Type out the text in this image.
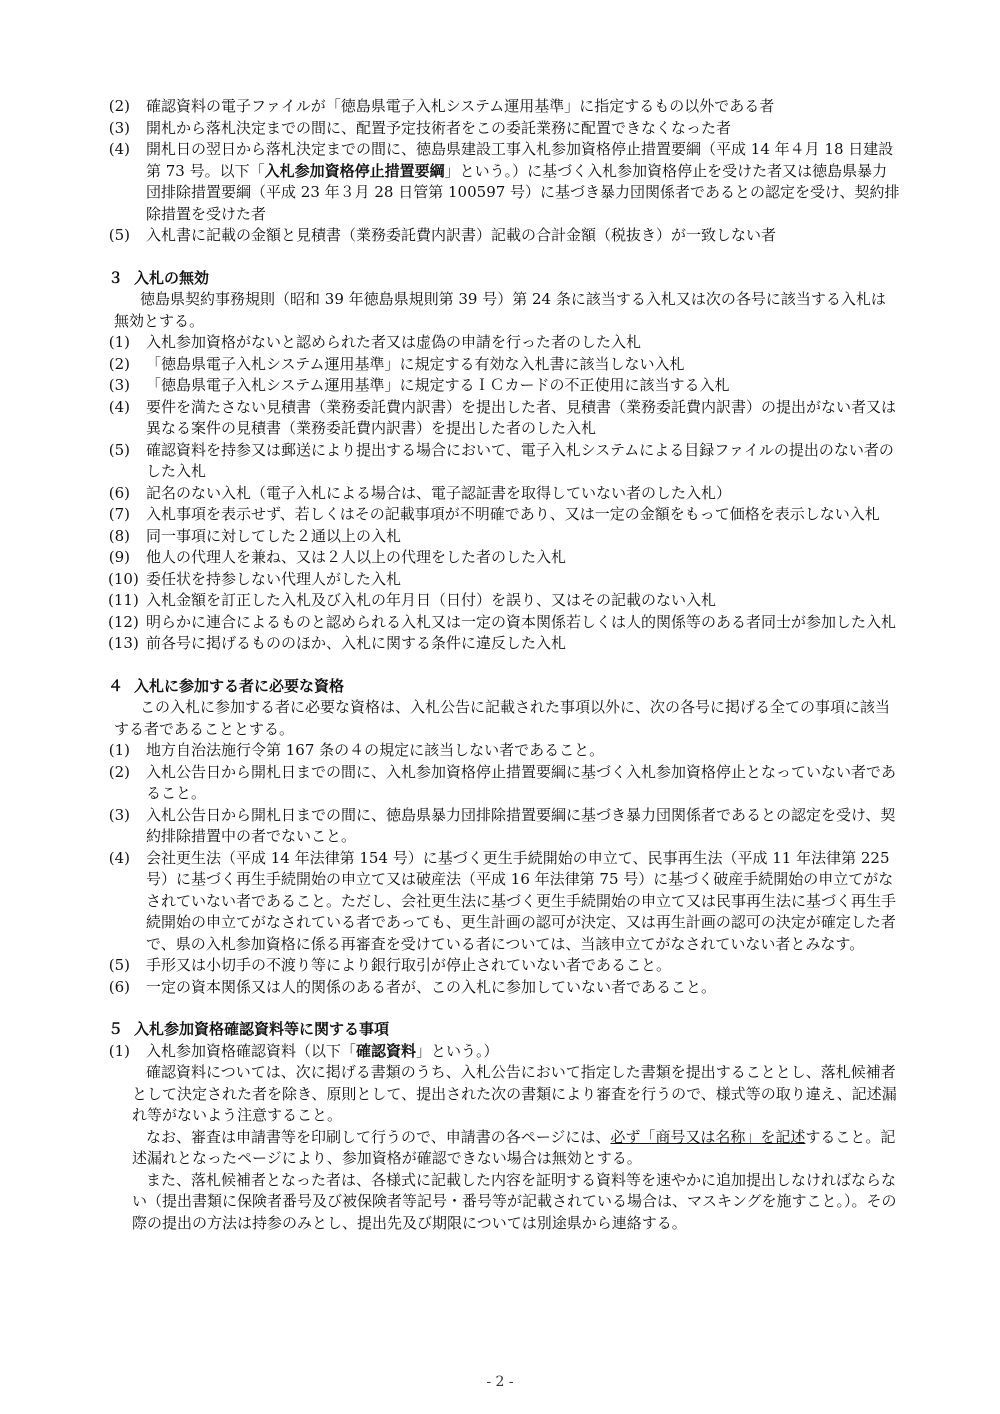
(2)	確認資料の電子ファイルが「徳島県電子入札システム運用基準」に指定するもの以外である者
(3)	開札から落札決定までの間に、配置予定技術者をこの委託業務に配置できなくなった者
(4)	開札日の翌日から落札決定までの間に、徳島県建設工事入札参加資格停止措置要綱（平成 14 年４月 18 日建設第 73 号。以下「入札参加資格停止措置要綱」という。）に基づく入札参加資格停止を受けた者又は徳島県暴力団排除措置要綱（平成 23 年３月 28 日管第 100597 号）に基づき暴力団関係者であるとの認定を受け、契約排除措置を受けた者
(5)	入札書に記載の金額と見積書（業務委託費内訳書）記載の合計金額（税抜き）が一致しない者
３ 入札の無効
徳島県契約事務規則（昭和 39 年徳島県規則第 39 号）第 24 条に該当する入札又は次の各号に該当する入札は無効とする。
(1)	入札参加資格がないと認められた者又は虚偽の申請を行った者のした入札
(2)	「徳島県電子入札システム運用基準」に規定する有効な入札書に該当しない入札
(3)	「徳島県電子入札システム運用基準」に規定するＩＣカードの不正使用に該当する入札
(4)	要件を満たさない見積書（業務委託費内訳書）を提出した者、見積書（業務委託費内訳書）の提出がない者又は異なる案件の見積書（業務委託費内訳書）を提出した者のした入札
(5)	確認資料を持参又は郵送により提出する場合において、電子入札システムによる目録ファイルの提出のない者のした入札
(6)	記名のない入札（電子入札による場合は、電子認証書を取得していない者のした入札）
(7)	入札事項を表示せず、若しくはその記載事項が不明確であり、又は一定の金額をもって価格を表示しない入札
(8)	同一事項に対してした２通以上の入札
(9)	他人の代理人を兼ね、又は２人以上の代理をした者のした入札
(10) 委任状を持参しない代理人がした入札
(11) 入札金額を訂正した入札及び入札の年月日（日付）を誤り、又はその記載のない入札
(12) 明らかに連合によるものと認められる入札又は一定の資本関係若しくは人的関係等のある者同士が参加した入札
(13) 前各号に掲げるもののほか、入札に関する条件に違反した入札
４ 入札に参加する者に必要な資格
この入札に参加する者に必要な資格は、入札公告に記載された事項以外に、次の各号に掲げる全ての事項に該当する者であることとする。
(1)	地方自治法施行令第 167 条の４の規定に該当しない者であること。
(2)	入札公告日から開札日までの間に、入札参加資格停止措置要綱に基づく入札参加資格停止となっていない者であること。
(3)	入札公告日から開札日までの間に、徳島県暴力団排除措置要綱に基づき暴力団関係者であるとの認定を受け、契約排除措置中の者でないこと。
(4)	会社更生法（平成 14 年法律第 154 号）に基づく更生手続開始の申立て、民事再生法（平成 11 年法律第 225 号）に基づく再生手続開始の申立て又は破産法（平成 16 年法律第 75 号）に基づく破産手続開始の申立てがなされていない者であること。ただし、会社更生法に基づく更生手続開始の申立て又は民事再生法に基づく再生手続開始の申立てがなされている者であっても、更生計画の認可が決定、又は再生計画の認可の決定が確定した者で、県の入札参加資格に係る再審査を受けている者については、当該申立てがなされていない者とみなす。
(5)	手形又は小切手の不渡り等により銀行取引が停止されていない者であること。
(6)	一定の資本関係又は人的関係のある者が、この入札に参加していない者であること。
５ 入札参加資格確認資料等に関する事項
(1)	入札参加資格確認資料（以下「確認資料」という。）
確認資料については、次に掲げる書類のうち、入札公告において指定した書類を提出することとし、落札候補者として決定された者を除き、原則として、提出された次の書類により審査を行うので、様式等の取り違え、記述漏れ等がないよう注意すること。
なお、審査は申請書等を印刷して行うので、申請書の各ページには、必ず「商号又は名称」を記述すること。記述漏れとなったページにより、参加資格が確認できない場合は無効とする。
また、落札候補者となった者は、各様式に記載した内容を証明する資料等を速やかに追加提出しなければならない（提出書類に保険者番号及び被保険者等記号・番号等が記載されている場合は、マスキングを施すこと。）。その際の提出の方法は持参のみとし、提出先及び期限については別途県から連絡する。
- 2 -
